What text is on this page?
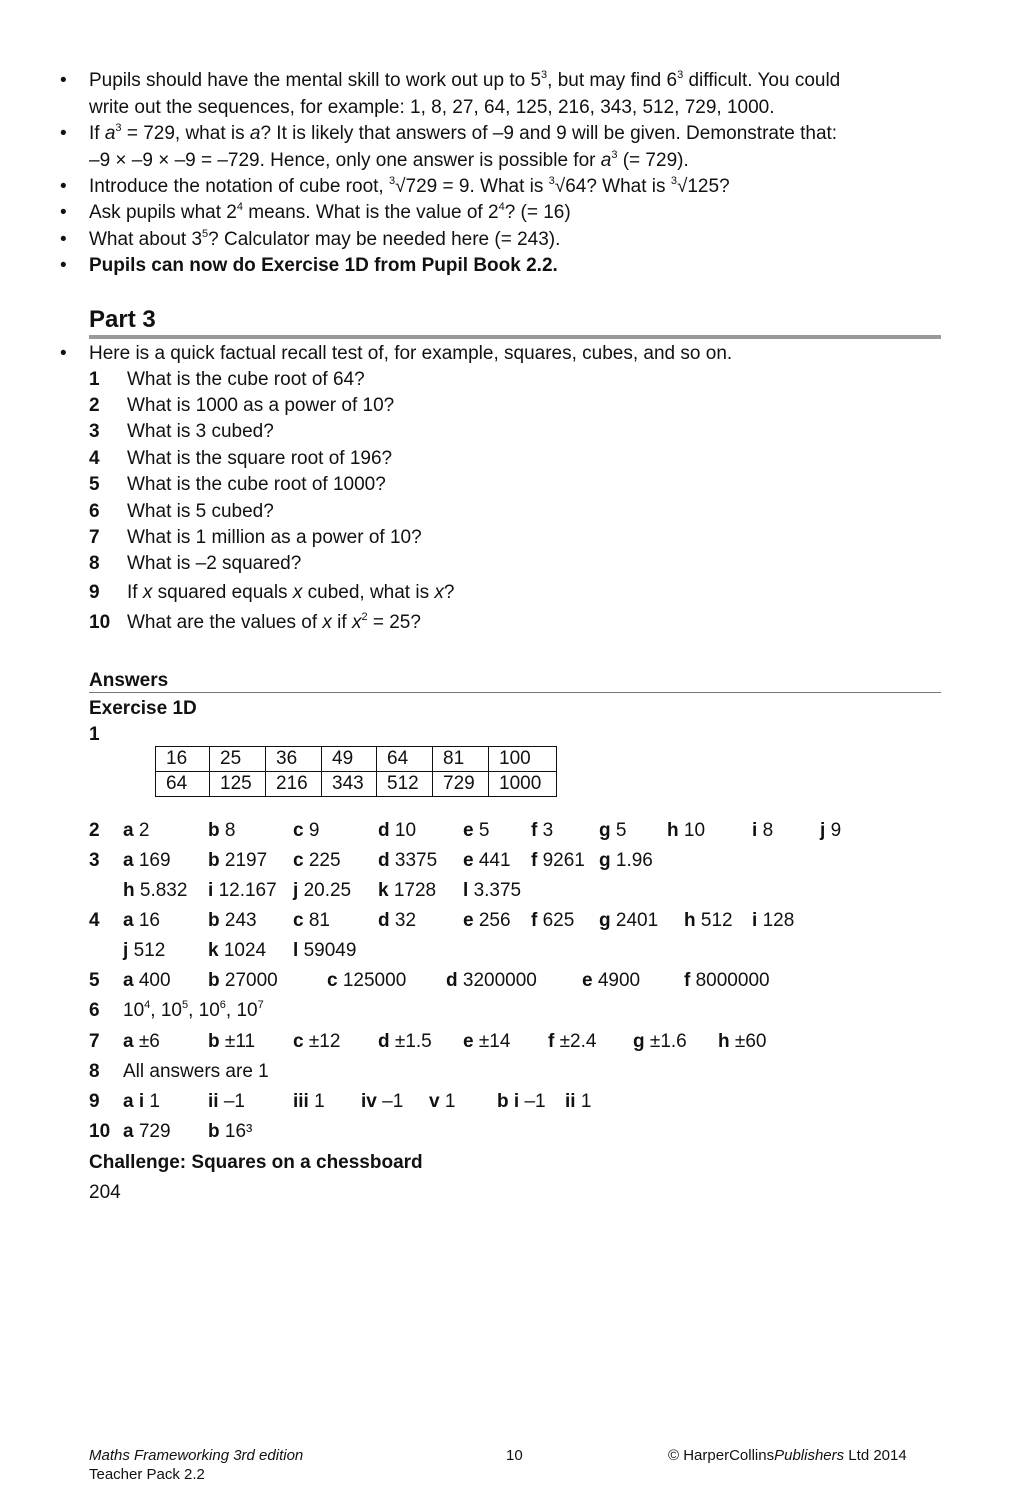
• Pupils should have the mental skill to work out up to $5^3$, but may find $6^3$ difficult. You could
write out the sequences, for example: 1, 8, 27, 64, 125, 216, 343, 512, 729, 1000.
• If $a^3 = 729$, what is a? It is likely that answers of –9 and 9 will be given. Demonstrate that:
–9 × –9 × –9 = –729. Hence, only one answer is possible for $a^3$ (= 729).
• Introduce the notation of cube root, $^3$√729 = 9. What is $^3$√64? What is $^3$√125?
• Ask pupils what $2^4$ means. What is the value of $2^4$? (= 16)
• What about $3^5$? Calculator may be needed here (= 243).
• Pupils can now do Exercise 1D from Pupil Book 2.2.
Part 3
• Here is a quick factual recall test of, for example, squares, cubes, and so on.
1 What is the cube root of 64?
2 What is 1000 as a power of 10?
3 What is 3 cubed?
4 What is the square root of 196?
5 What is the cube root of 1000?
6 What is 5 cubed?
7 What is 1 million as a power of 10?
8 What is –2 squared?
9 If x squared equals x cubed, what is x?
10 What are the values of x if $x^2 = 25$?
Answers
Exercise 1D
1
16	25	36	49	64	81	100
64	125	216	343	512	729	1000
2 a 2	b 8	c 9	d 10 e 5 f 3 g 5 h 10 i 8 j 9
3 a 169 b 2197 c 225 d 3375 e 441 f 9261 g 1.96
h 5.832 i 12.167 j 20.25 k 1728 l 3.375
4 a 16	b 243 c 81	d 32 e 256 f 625 g 2401 h 512 i 128
j 512 k 1024 l 59049
5 a 400 b 27000	c 125000 d 3200000 e 4900 f 8000000
6 $10^4$, $10^5$, $10^6$, $10^7$
7 a ±6	b ±11 c ±12 d ±1.5 e ±14 f ±2.4 g ±1.6 h ±60
8 All answers are 1
9 a i 1	ii –1	iii 1 iv –1 v 1 b i –1 ii 1
10 a 729 b 16³
Challenge: Squares on a chessboard
204
Maths Frameworking 3rd edition
Teacher Pack 2.2
10	© HarperCollinsPublishers Ltd 2014
